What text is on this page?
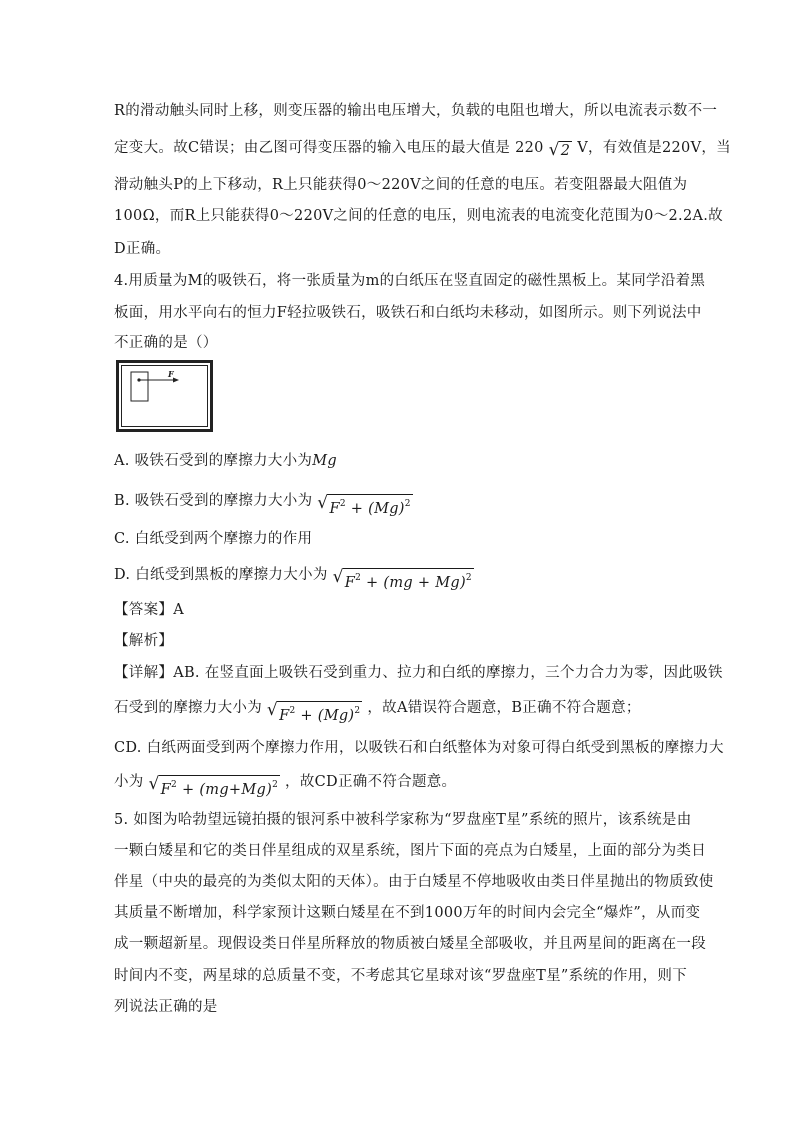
R的滑动触头同时上移，则变压器的输出电压增大，负载的电阻也增大，所以电流表示数不一
定变大。故C错误；由乙图可得变压器的输入电压的最大值是 220 √ 2 V，有效值是220V，当
滑动触头P的上下移动，R上只能获得0～220V之间的任意的电压。若变阻器最大阻值为
100Ω，而R上只能获得0～220V之间的任意的电压，则电流表的电流变化范围为0～2.2A.故
D正确。
4.用质量为M的吸铁石，将一张质量为m的白纸压在竖直固定的磁性黑板上。某同学沿着黑
板面，用水平向右的恒力F轻拉吸铁石，吸铁石和白纸均未移动，如图所示。则下列说法中
不正确的是（）
F
A. 吸铁石受到的摩擦力大小为Mg
B. 吸铁石受到的摩擦力大小为 √ $F^2 + (Mg)^2$
C. 白纸受到两个摩擦力的作用
D. 白纸受到黑板的摩擦力大小为 √ $F^2 + (mg + Mg)^2$
【答案】A
【解析】
【详解】AB. 在竖直面上吸铁石受到重力、拉力和白纸的摩擦力，三个力合力为零，因此吸铁
石受到的摩擦力大小为 √ $F^2 + (Mg)^2$ ，故A错误符合题意，B正确不符合题意；
CD. 白纸两面受到两个摩擦力作用，以吸铁石和白纸整体为对象可得白纸受到黑板的摩擦力大
小为 √ $F^2 + (mg+Mg)^2$ ，故CD正确不符合题意。
5. 如图为哈勃望远镜拍摄的银河系中被科学家称为“罗盘座T星”系统的照片，该系统是由
一颗白矮星和它的类日伴星组成的双星系统，图片下面的亮点为白矮星，上面的部分为类日
伴星（中央的最亮的为类似太阳的天体）。由于白矮星不停地吸收由类日伴星抛出的物质致使
其质量不断增加，科学家预计这颗白矮星在不到1000万年的时间内会完全“爆炸”，从而变
成一颗超新星。现假设类日伴星所释放的物质被白矮星全部吸收，并且两星间的距离在一段
时间内不变，两星球的总质量不变，不考虑其它星球对该“罗盘座T星”系统的作用，则下
列说法正确的是
